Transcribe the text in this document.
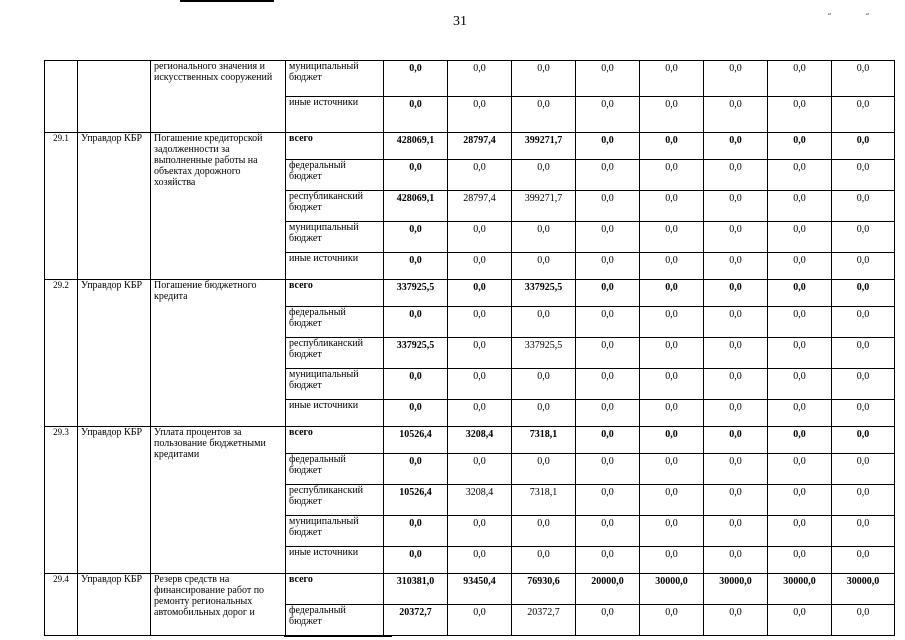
31	˝	˝
		регионального значения и искусственных сооружений	муниципальный бюджет	0,0	0,0	0,0	0,0	0,0	0,0	0,0	0,0
			иные источники	0,0	0,0	0,0	0,0	0,0	0,0	0,0	0,0
29.1	Управдор КБР	Погашение кредиторской задолженности за выполненные работы на объектах дорожного хозяйства	всего	428069,1	28797,4	399271,7	0,0	0,0	0,0	0,0	0,0
			федеральный бюджет	0,0	0,0	0,0	0,0	0,0	0,0	0,0	0,0
			республиканский бюджет	428069,1	28797,4	399271,7	0,0	0,0	0,0	0,0	0,0
			муниципальный бюджет	0,0	0,0	0,0	0,0	0,0	0,0	0,0	0,0
			иные источники	0,0	0,0	0,0	0,0	0,0	0,0	0,0	0,0
29.2	Управдор КБР	Погашение бюджетного кредита	всего	337925,5	0,0	337925,5	0,0	0,0	0,0	0,0	0,0
			федеральный бюджет	0,0	0,0	0,0	0,0	0,0	0,0	0,0	0,0
			республиканский бюджет	337925,5	0,0	337925,5	0,0	0,0	0,0	0,0	0,0
			муниципальный бюджет	0,0	0,0	0,0	0,0	0,0	0,0	0,0	0,0
			иные источники	0,0	0,0	0,0	0,0	0,0	0,0	0,0	0,0
29.3	Управдор КБР	Уплата процентов за пользование бюджетными кредитами	всего	10526,4	3208,4	7318,1	0,0	0,0	0,0	0,0	0,0
			федеральный бюджет	0,0	0,0	0,0	0,0	0,0	0,0	0,0	0,0
			республиканский бюджет	10526,4	3208,4	7318,1	0,0	0,0	0,0	0,0	0,0
			муниципальный бюджет	0,0	0,0	0,0	0,0	0,0	0,0	0,0	0,0
			иные источники	0,0	0,0	0,0	0,0	0,0	0,0	0,0	0,0
29.4	Управдор КБР	Резерв средств на финансирование работ по ремонту региональных автомобильных дорог и	всего	310381,0	93450,4	76930,6	20000,0	30000,0	30000,0	30000,0	30000,0
			федеральный бюджет	20372,7	0,0	20372,7	0,0	0,0	0,0	0,0	0,0
